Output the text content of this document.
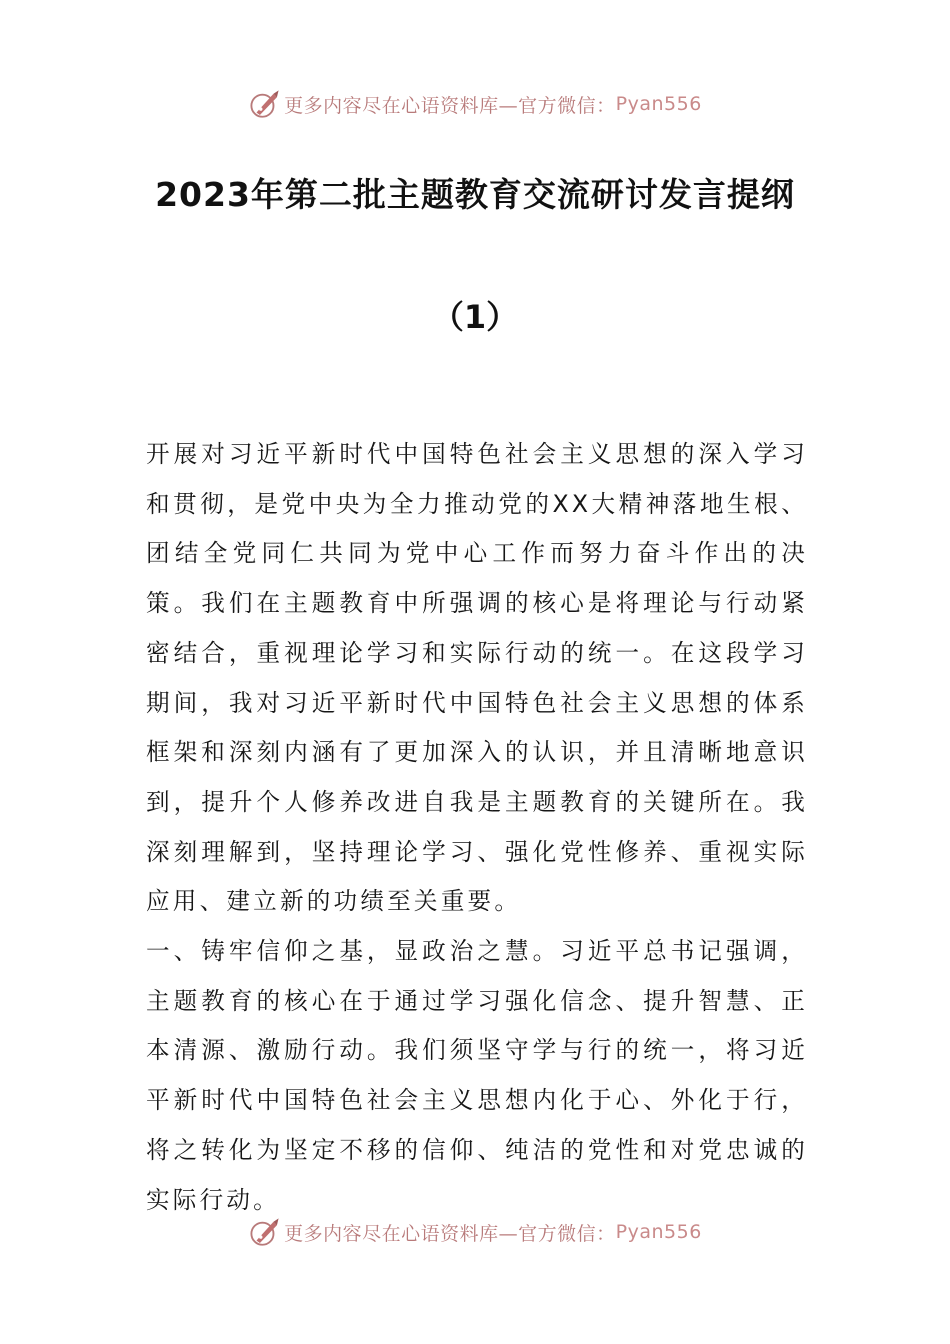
更多内容尽在心语资料库—官方微信： Pyan556
2023年第二批主题教育交流研讨发言提纲
（1）

开展对习近平新时代中国特色社会主义思想的深入学习和贯彻，是党中央为全力推动党的XX大精神落地生根、团结全党同仁共同为党中心工作而努力奋斗作出的决策。我们在主题教育中所强调的核心是将理论与行动紧密结合，重视理论学习和实际行动的统一。在这段学习期间，我对习近平新时代中国特色社会主义思想的体系框架和深刻内涵有了更加深入的认识，并且清晰地意识到，提升个人修养改进自我是主题教育的关键所在。我深刻理解到，坚持理论学习、强化党性修养、重视实际应用、建立新的功绩至关重要。

一、铸牢信仰之基，显政治之慧。习近平总书记强调，主题教育的核心在于通过学习强化信念、提升智慧、正本清源、激励行动。我们须坚守学与行的统一，将习近平新时代中国特色社会主义思想内化于心、外化于行，将之转化为坚定不移的信仰、纯洁的党性和对党忠诚的实际行动。

更多内容尽在心语资料库—官方微信： Pyan556
